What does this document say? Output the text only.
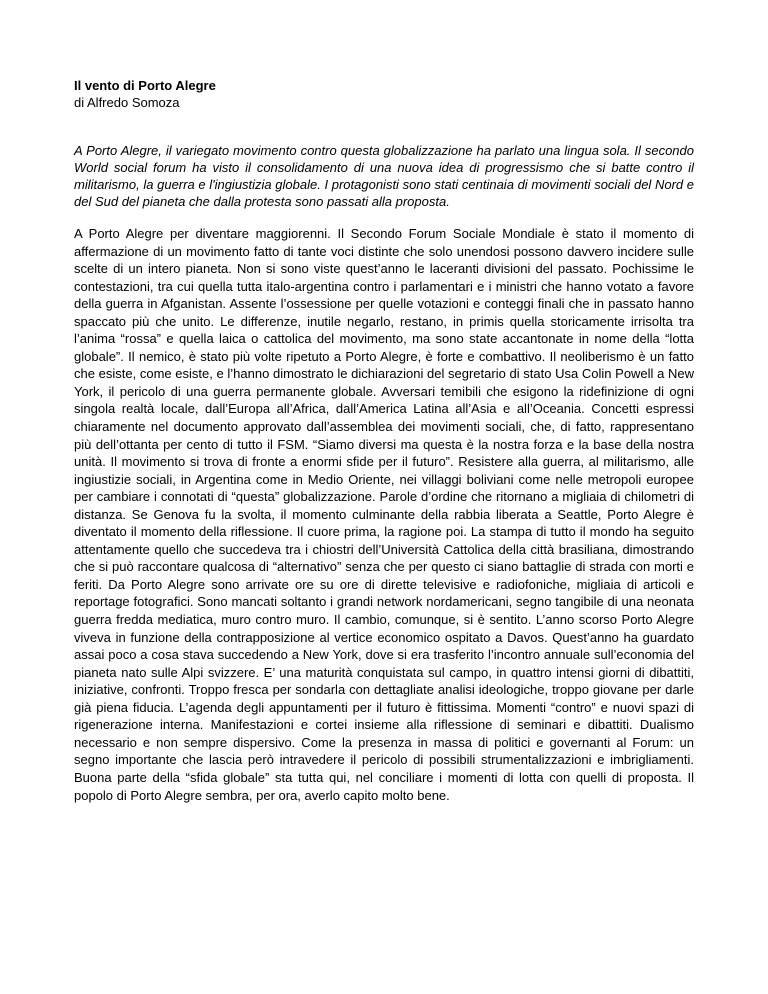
Il vento di Porto Alegre

di Alfredo Somoza

A Porto Alegre, il variegato movimento contro questa globalizzazione ha parlato una lingua sola. Il secondo World social forum ha visto il consolidamento di una nuova idea di progressismo che si batte contro il militarismo, la guerra e l'ingiustizia globale. I protagonisti sono stati centinaia di movimenti sociali del Nord e del Sud del pianeta che dalla protesta sono passati alla proposta.

A Porto Alegre per diventare maggiorenni. Il Secondo Forum Sociale Mondiale è stato il momento di affermazione di un movimento fatto di tante voci distinte che solo unendosi possono davvero incidere sulle scelte di un intero pianeta. Non si sono viste quest’anno le laceranti divisioni del passato. Pochissime le contestazioni, tra cui quella tutta italo-argentina contro i parlamentari e i ministri che hanno votato a favore della guerra in Afganistan. Assente l’ossessione per quelle votazioni e conteggi finali che in passato hanno spaccato più che unito. Le differenze, inutile negarlo, restano, in primis quella storicamente irrisolta tra l’anima “rossa” e quella laica o cattolica del movimento, ma sono state accantonate in nome della “lotta globale”. Il nemico, è stato più volte ripetuto a Porto Alegre, è forte e combattivo. Il neoliberismo è un fatto che esiste, come esiste, e l’hanno dimostrato le dichiarazioni del segretario di stato Usa Colin Powell a New York, il pericolo di una guerra permanente globale. Avversari temibili che esigono la ridefinizione di ogni singola realtà locale, dall’Europa all’Africa, dall’America Latina all’Asia e all’Oceania. Concetti espressi chiaramente nel documento approvato dall’assemblea dei movimenti sociali, che, di fatto, rappresentano più dell’ottanta per cento di tutto il FSM. “Siamo diversi ma questa è la nostra forza e la base della nostra unità. Il movimento si trova di fronte a enormi sfide per il futuro”. Resistere alla guerra, al militarismo, alle ingiustizie sociali, in Argentina come in Medio Oriente, nei villaggi boliviani come nelle metropoli europee per cambiare i connotati di “questa” globalizzazione. Parole d’ordine che ritornano a migliaia di chilometri di distanza. Se Genova fu la svolta, il momento culminante della rabbia liberata a Seattle, Porto Alegre è diventato il momento della riflessione. Il cuore prima, la ragione poi. La stampa di tutto il mondo ha seguito attentamente quello che succedeva tra i chiostri dell’Università Cattolica della città brasiliana, dimostrando che si può raccontare qualcosa di “alternativo” senza che per questo ci siano battaglie di strada con morti e feriti. Da Porto Alegre sono arrivate ore su ore di dirette televisive e radiofoniche, migliaia di articoli e reportage fotografici. Sono mancati soltanto i grandi network nordamericani, segno tangibile di una neonata guerra fredda mediatica, muro contro muro. Il cambio, comunque, si è sentito. L’anno scorso Porto Alegre viveva in funzione della contrapposizione al vertice economico ospitato a Davos. Quest’anno ha guardato assai poco a cosa stava succedendo a New York, dove si era trasferito l’incontro annuale sull’economia del pianeta nato sulle Alpi svizzere. E’ una maturità conquistata sul campo, in quattro intensi giorni di dibattiti, iniziative, confronti. Troppo fresca per sondarla con dettagliate analisi ideologiche, troppo giovane per darle già piena fiducia. L’agenda degli appuntamenti per il futuro è fittissima. Momenti “contro” e nuovi spazi di rigenerazione interna. Manifestazioni e cortei insieme alla riflessione di seminari e dibattiti. Dualismo necessario e non sempre dispersivo. Come la presenza in massa di politici e governanti al Forum: un segno importante che lascia però intravedere il pericolo di possibili strumentalizzazioni e imbrigliamenti. Buona parte della “sfida globale” sta tutta qui, nel conciliare i momenti di lotta con quelli di proposta. Il popolo di Porto Alegre sembra, per ora, averlo capito molto bene.
